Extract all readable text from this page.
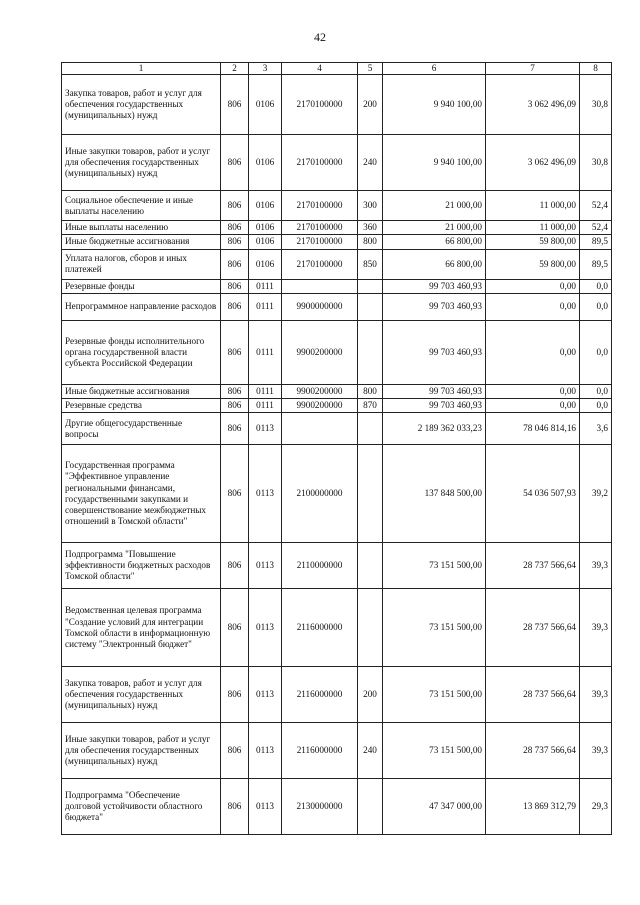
42
1	2	3	4	5	6	7	8
Закупка товаров, работ и услуг для обеспечения государственных (муниципальных) нужд	806	0106	2170100000	200	9 940 100,00	3 062 496,09	30,8
Иные закупки товаров, работ и услуг для обеспечения государственных (муниципальных) нужд	806	0106	2170100000	240	9 940 100,00	3 062 496,09	30,8
Социальное обеспечение и иные выплаты населению	806	0106	2170100000	300	21 000,00	11 000,00	52,4
Иные выплаты населению	806	0106	2170100000	360	21 000,00	11 000,00	52,4
Иные бюджетные ассигнования	806	0106	2170100000	800	66 800,00	59 800,00	89,5
Уплата налогов, сборов и иных платежей	806	0106	2170100000	850	66 800,00	59 800,00	89,5
Резервные фонды	806	0111			99 703 460,93	0,00	0,0
Непрограммное направление расходов	806	0111	9900000000		99 703 460,93	0,00	0,0
Резервные фонды исполнительного органа государственной власти субъекта Российской Федерации	806	0111	9900200000		99 703 460,93	0,00	0,0
Иные бюджетные ассигнования	806	0111	9900200000	800	99 703 460,93	0,00	0,0
Резервные средства	806	0111	9900200000	870	99 703 460,93	0,00	0,0
Другие общегосударственные вопросы	806	0113			2 189 362 033,23	78 046 814,16	3,6
Государственная программа "Эффективное управление региональными финансами, государственными закупками и совершенствование межбюджетных отношений в Томской области"	806	0113	2100000000		137 848 500,00	54 036 507,93	39,2
Подпрограмма "Повышение эффективности бюджетных расходов Томской области"	806	0113	2110000000		73 151 500,00	28 737 566,64	39,3
Ведомственная целевая программа "Создание условий для интеграции Томской области в информационную систему "Электронный бюджет"	806	0113	2116000000		73 151 500,00	28 737 566,64	39,3
Закупка товаров, работ и услуг для обеспечения государственных (муниципальных) нужд	806	0113	2116000000	200	73 151 500,00	28 737 566,64	39,3
Иные закупки товаров, работ и услуг для обеспечения государственных (муниципальных) нужд	806	0113	2116000000	240	73 151 500,00	28 737 566,64	39,3
Подпрограмма "Обеспечение долговой устойчивости областного бюджета"	806	0113	2130000000		47 347 000,00	13 869 312,79	29,3
